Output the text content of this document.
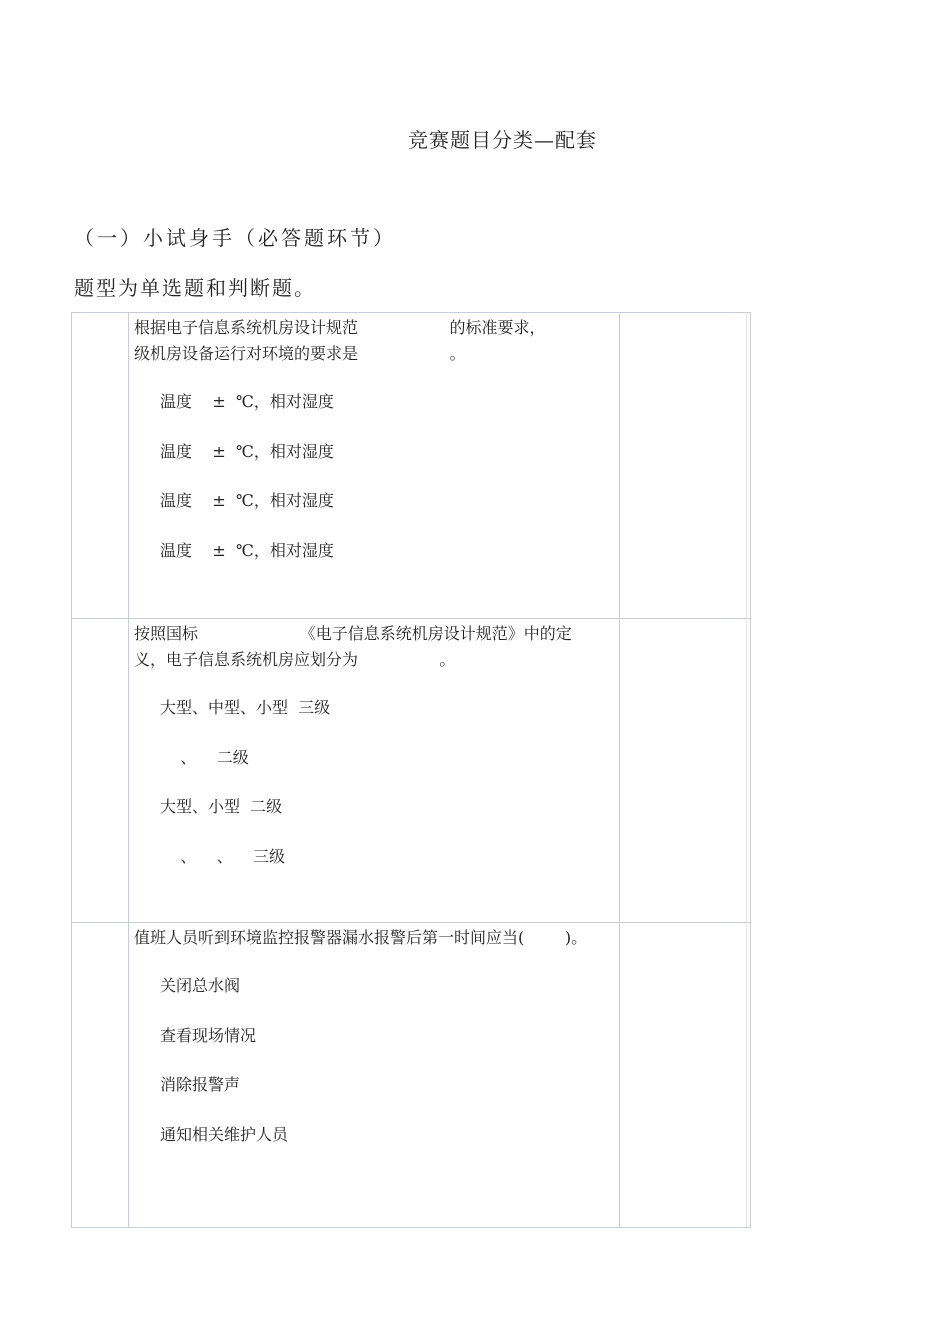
竞赛题目分类—配套
（一）小试身手（必答题环节）
题型为单选题和判断题。
根据电子信息系统机房设计规范                  的标准要求，
级机房设备运行对环境的要求是                  。
温度    ±  ℃，相对湿度
温度    ±  ℃，相对湿度
温度    ±  ℃，相对湿度
温度    ±  ℃，相对湿度
按照国标                    《电子信息系统机房设计规范》中的定
义，电子信息系统机房应划分为                。
大型、中型、小型  三级
、    二级
大型、小型  二级
、    、    三级
值班人员听到环境监控报警器漏水报警后第一时间应当(        )。
关闭总水阀
查看现场情况
消除报警声
通知相关维护人员
